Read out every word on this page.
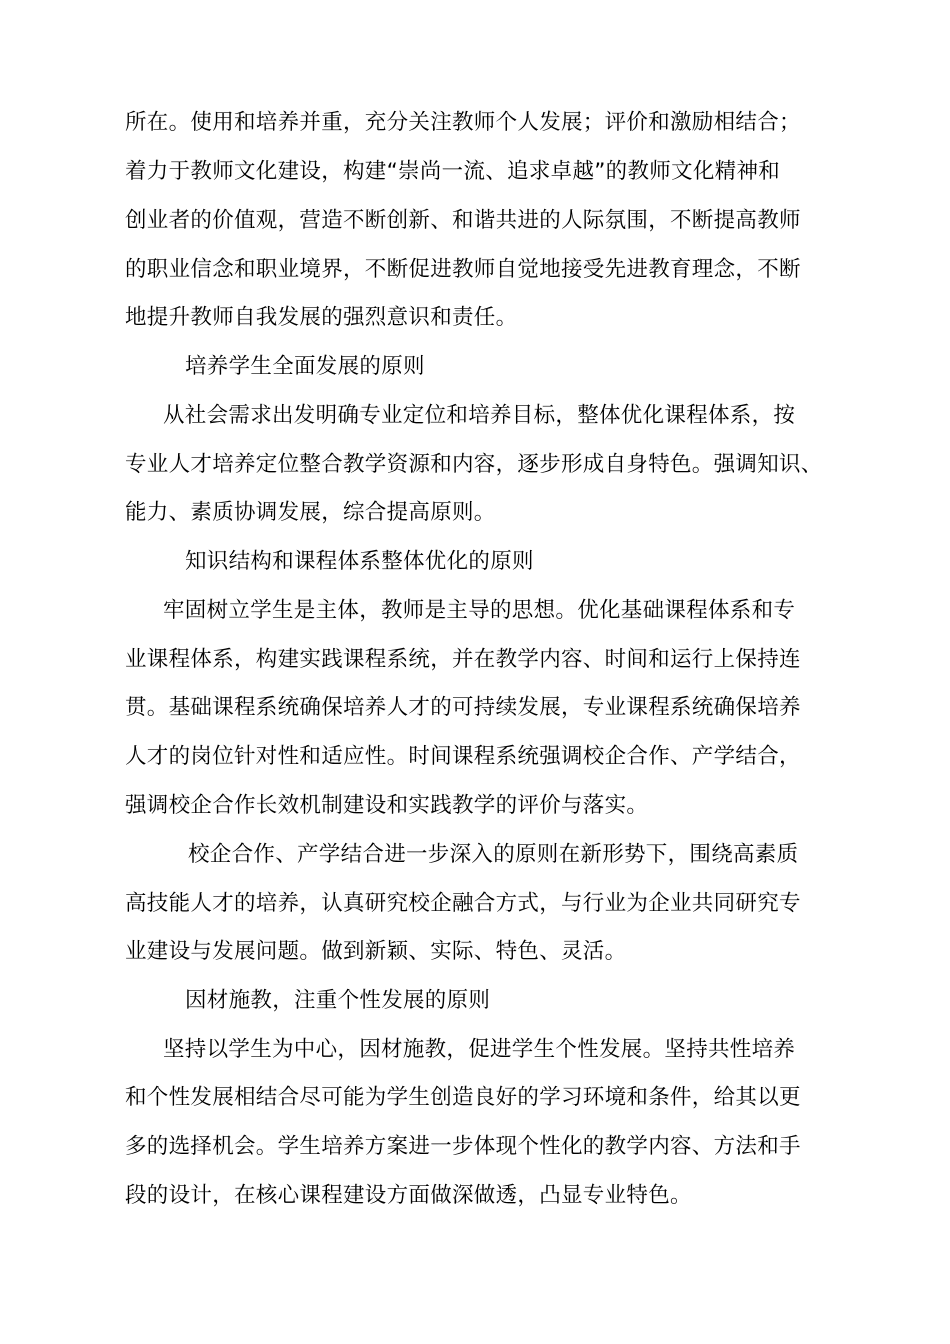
所在。使用和培养并重，充分关注教师个人发展；评价和激励相结合；
着力于教师文化建设，构建“崇尚一流、追求卓越”的教师文化精神和
创业者的价值观，营造不断创新、和谐共进的人际氛围，不断提高教师
的职业信念和职业境界，不断促进教师自觉地接受先进教育理念，不断
地提升教师自我发展的强烈意识和责任。
培养学生全面发展的原则
从社会需求出发明确专业定位和培养目标，整体优化课程体系，按
专业人才培养定位整合教学资源和内容，逐步形成自身特色。强调知识、
能力、素质协调发展，综合提高原则。
知识结构和课程体系整体优化的原则
牢固树立学生是主体，教师是主导的思想。优化基础课程体系和专
业课程体系，构建实践课程系统，并在教学内容、时间和运行上保持连
贯。基础课程系统确保培养人才的可持续发展，专业课程系统确保培养
人才的岗位针对性和适应性。时间课程系统强调校企合作、产学结合，
强调校企合作长效机制建设和实践教学的评价与落实。
校企合作、产学结合进一步深入的原则在新形势下，围绕高素质
高技能人才的培养，认真研究校企融合方式，与行业为企业共同研究专
业建设与发展问题。做到新颖、实际、特色、灵活。
因材施教，注重个性发展的原则
坚持以学生为中心，因材施教，促进学生个性发展。坚持共性培养
和个性发展相结合尽可能为学生创造良好的学习环境和条件，给其以更
多的选择机会。学生培养方案进一步体现个性化的教学内容、方法和手
段的设计，在核心课程建设方面做深做透，凸显专业特色。
